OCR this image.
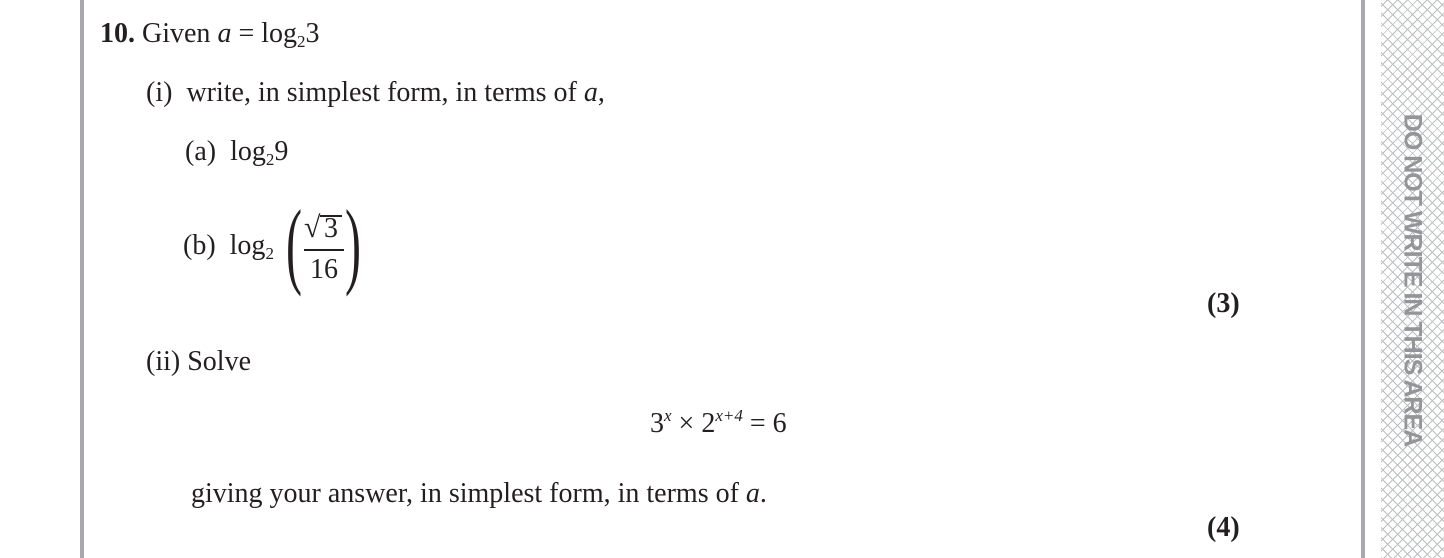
DO NOT WRITE IN THIS AREA
10. Given $a = \log_23$
(i) write, in simplest form, in terms of a,
(a) $\log_29$
(b) $\log_2$ ( √ 3
16 )
(3)
(ii) Solve
$3^x \times 2^{x+4} = 6$
giving your answer, in simplest form, in terms of a.
(4)
